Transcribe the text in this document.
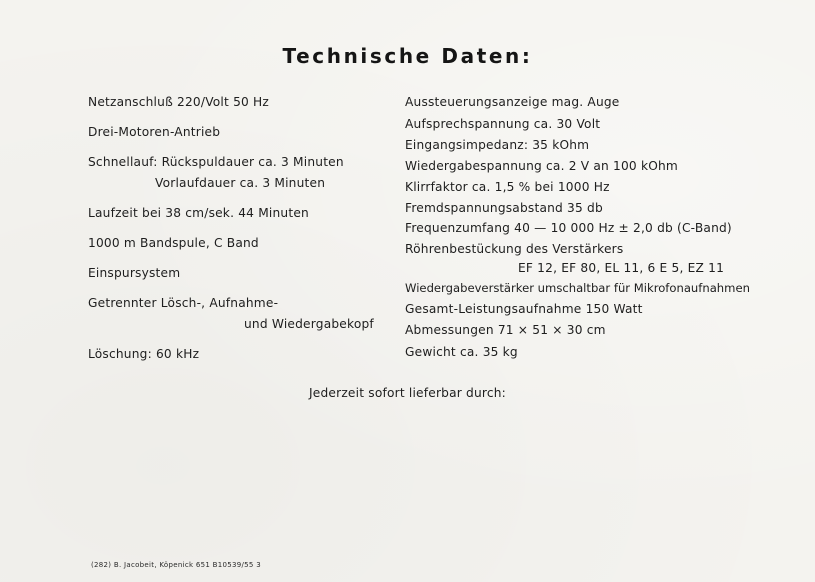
Technische Daten:
Netzanschluß 220/Volt 50 Hz
Drei-Motoren-Antrieb
Schnellauf: Rückspuldauer ca. 3 Minuten
Vorlaufdauer ca. 3 Minuten
Laufzeit bei 38 cm/sek. 44 Minuten
1000 m Bandspule, C Band
Einspursystem
Getrennter Lösch-, Aufnahme-
und Wiedergabekopf
Löschung: 60 kHz
Aussteuerungsanzeige mag. Auge
Aufsprechspannung ca. 30 Volt
Eingangsimpedanz: 35 kOhm
Wiedergabespannung ca. 2 V an 100 kOhm
Klirrfaktor ca. 1,5 % bei 1000 Hz
Fremdspannungsabstand 35 db
Frequenzumfang 40 — 10 000 Hz ± 2,0 db (C-Band)
Röhrenbestückung des Verstärkers
EF 12, EF 80, EL 11, 6 E 5, EZ 11
Wiedergabeverstärker umschaltbar für Mikrofonaufnahmen
Gesamt-Leistungsaufnahme 150 Watt
Abmessungen 71 × 51 × 30 cm
Gewicht ca. 35 kg
Jederzeit sofort lieferbar durch:
(282) B. Jacobeit, Köpenick 651 B10539/55 3
